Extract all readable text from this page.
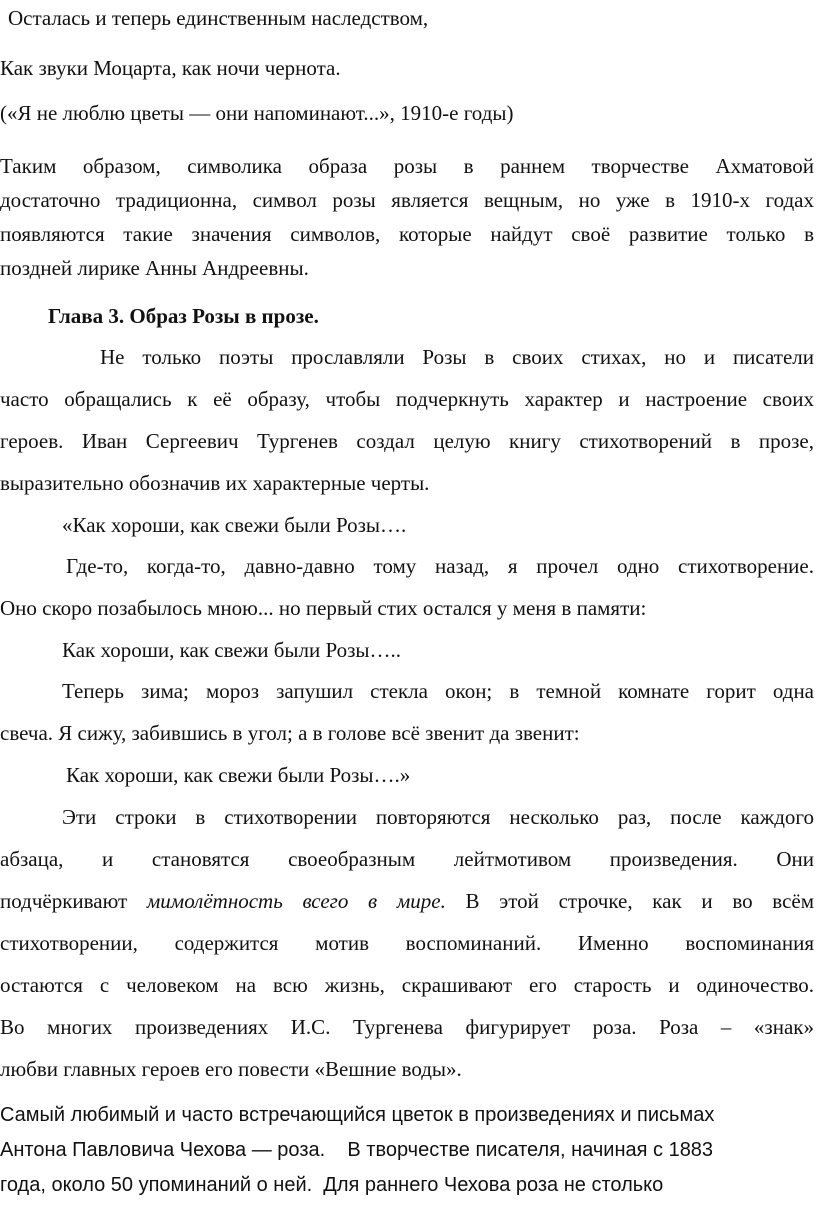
Осталась и теперь единственным наследством,
Как звуки Моцарта, как ночи чернота.
(«Я не люблю цветы — они напоминают...», 1910-е годы)
Таким образом, символика образа розы в раннем творчестве Ахматовой
достаточно традиционна, символ розы является вещным, но уже в 1910-х годах
появляются такие значения символов, которые найдут своё развитие только в
поздней лирике Анны Андреевны.
Глава 3. Образ Розы в прозе.
Не только поэты прославляли Розы в своих стихах, но и писатели
часто обращались к её образу, чтобы подчеркнуть характер и настроение своих
героев. Иван Сергеевич Тургенев создал целую книгу стихотворений в прозе,
выразительно обозначив их характерные черты.
«Как хороши, как свежи были Розы….
Где-то, когда-то, давно-давно тому назад, я прочел одно стихотворение.
Оно скоро позабылось мною... но первый стих остался у меня в памяти:
Как хороши, как свежи были Розы…..
Теперь зима; мороз запушил стекла окон; в темной комнате горит одна
свеча. Я сижу, забившись в угол; а в голове всё звенит да звенит:
Как хороши, как свежи были Розы….»
Эти строки в стихотворении повторяются несколько раз, после каждого
абзаца, и становятся своеобразным лейтмотивом произведения. Они
подчёркивают мимолётность всего в мире. В этой строчке, как и во всём
стихотворении, содержится мотив воспоминаний. Именно воспоминания
остаются с человеком на всю жизнь, скрашивают его старость и одиночество.
Во многих произведениях И.С. Тургенева фигурирует роза. Роза – «знак»
любви главных героев его повести «Вешние воды».
Самый любимый и часто встречающийся цветок в произведениях и письмах
Антона Павловича Чехова — роза.    В творчестве писателя, начиная с 1883
года, около 50 упоминаний о ней.  Для раннего Чехова роза не столько
